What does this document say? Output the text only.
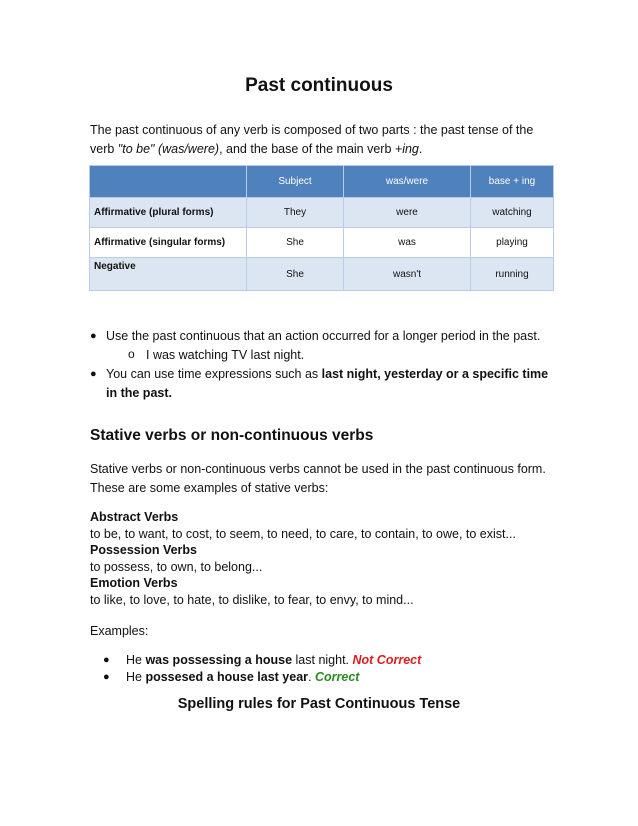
Past continuous
The past continuous of any verb is composed of two parts : the past tense of the verb "to be" (was/were), and the base of the main verb +ing.
	Subject	was/were	base + ing
Affirmative (plural forms)	They	were	watching
Affirmative (singular forms)	She	was	playing
Negative	She	wasn't	running
● Use the past continuous that an action occurred for a longer period in the past.
o I was watching TV last night.
● You can use time expressions such as last night, yesterday or a specific time in the past.
Stative verbs or non-continuous verbs
Stative verbs or non-continuous verbs cannot be used in the past continuous form. These are some examples of stative verbs:
Abstract Verbs
to be, to want, to cost, to seem, to need, to care, to contain, to owe, to exist...
Possession Verbs
to possess, to own, to belong...
Emotion Verbs
to like, to love, to hate, to dislike, to fear, to envy, to mind...
Examples:
● He was possessing a house last night. Not Correct
● He possesed a house last year. Correct
Spelling rules for Past Continuous Tense
